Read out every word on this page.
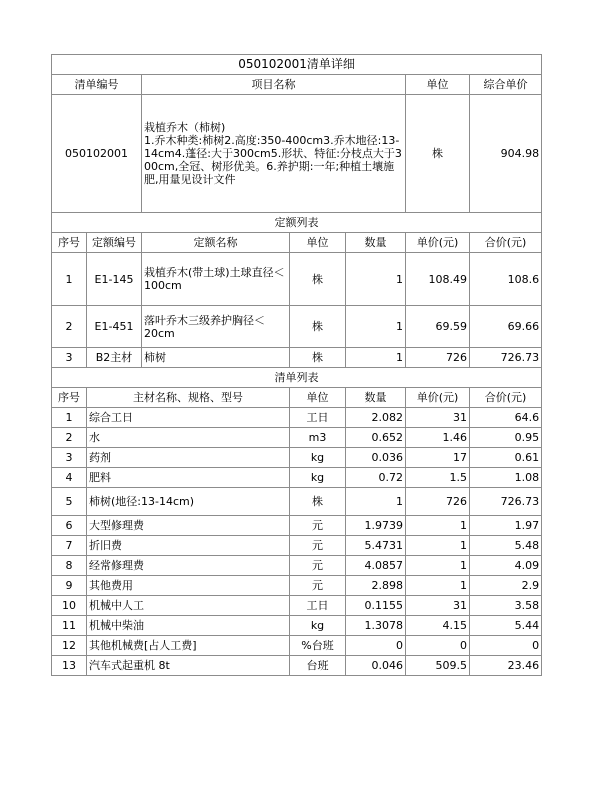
050102001清单详细						
清单编号		项目名称			单位	综合单价
050102001		栽植乔木（柿树)
1.乔木种类:柿树2.高度:350-400cm3.乔木地径:13-14cm4.蓬径:大于300cm5.形状、特征:分枝点大于300cm,全冠、树形优美。6.养护期:一年;种植土壤施肥,用量见设计文件			株	904.98
定额列表						
序号	定额编号	定额名称	单位	数量	单价(元)	合价(元)
1	E1-145	栽植乔木(带土球)土球直径＜100cm	株	1	108.49	108.6
2	E1-451	落叶乔木三级养护胸径＜20cm	株	1	69.59	69.66
3	B2主材	柿树	株	1	726	726.73
清单列表						
序号	主材名称、规格、型号		单位	数量	单价(元)	合价(元)
1	综合工日		工日	2.082	31	64.6
2	水		m3	0.652	1.46	0.95
3	药剂		kg	0.036	17	0.61
4	肥料		kg	0.72	1.5	1.08
5	柿树(地径:13-14cm)		株	1	726	726.73
6	大型修理费		元	1.9739	1	1.97
7	折旧费		元	5.4731	1	5.48
8	经常修理费		元	4.0857	1	4.09
9	其他费用		元	2.898	1	2.9
10	机械中人工		工日	0.1155	31	3.58
11	机械中柴油		kg	1.3078	4.15	5.44
12	其他机械费[占人工费]		%台班	0	0	0
13	汽车式起重机 8t		台班	0.046	509.5	23.46
